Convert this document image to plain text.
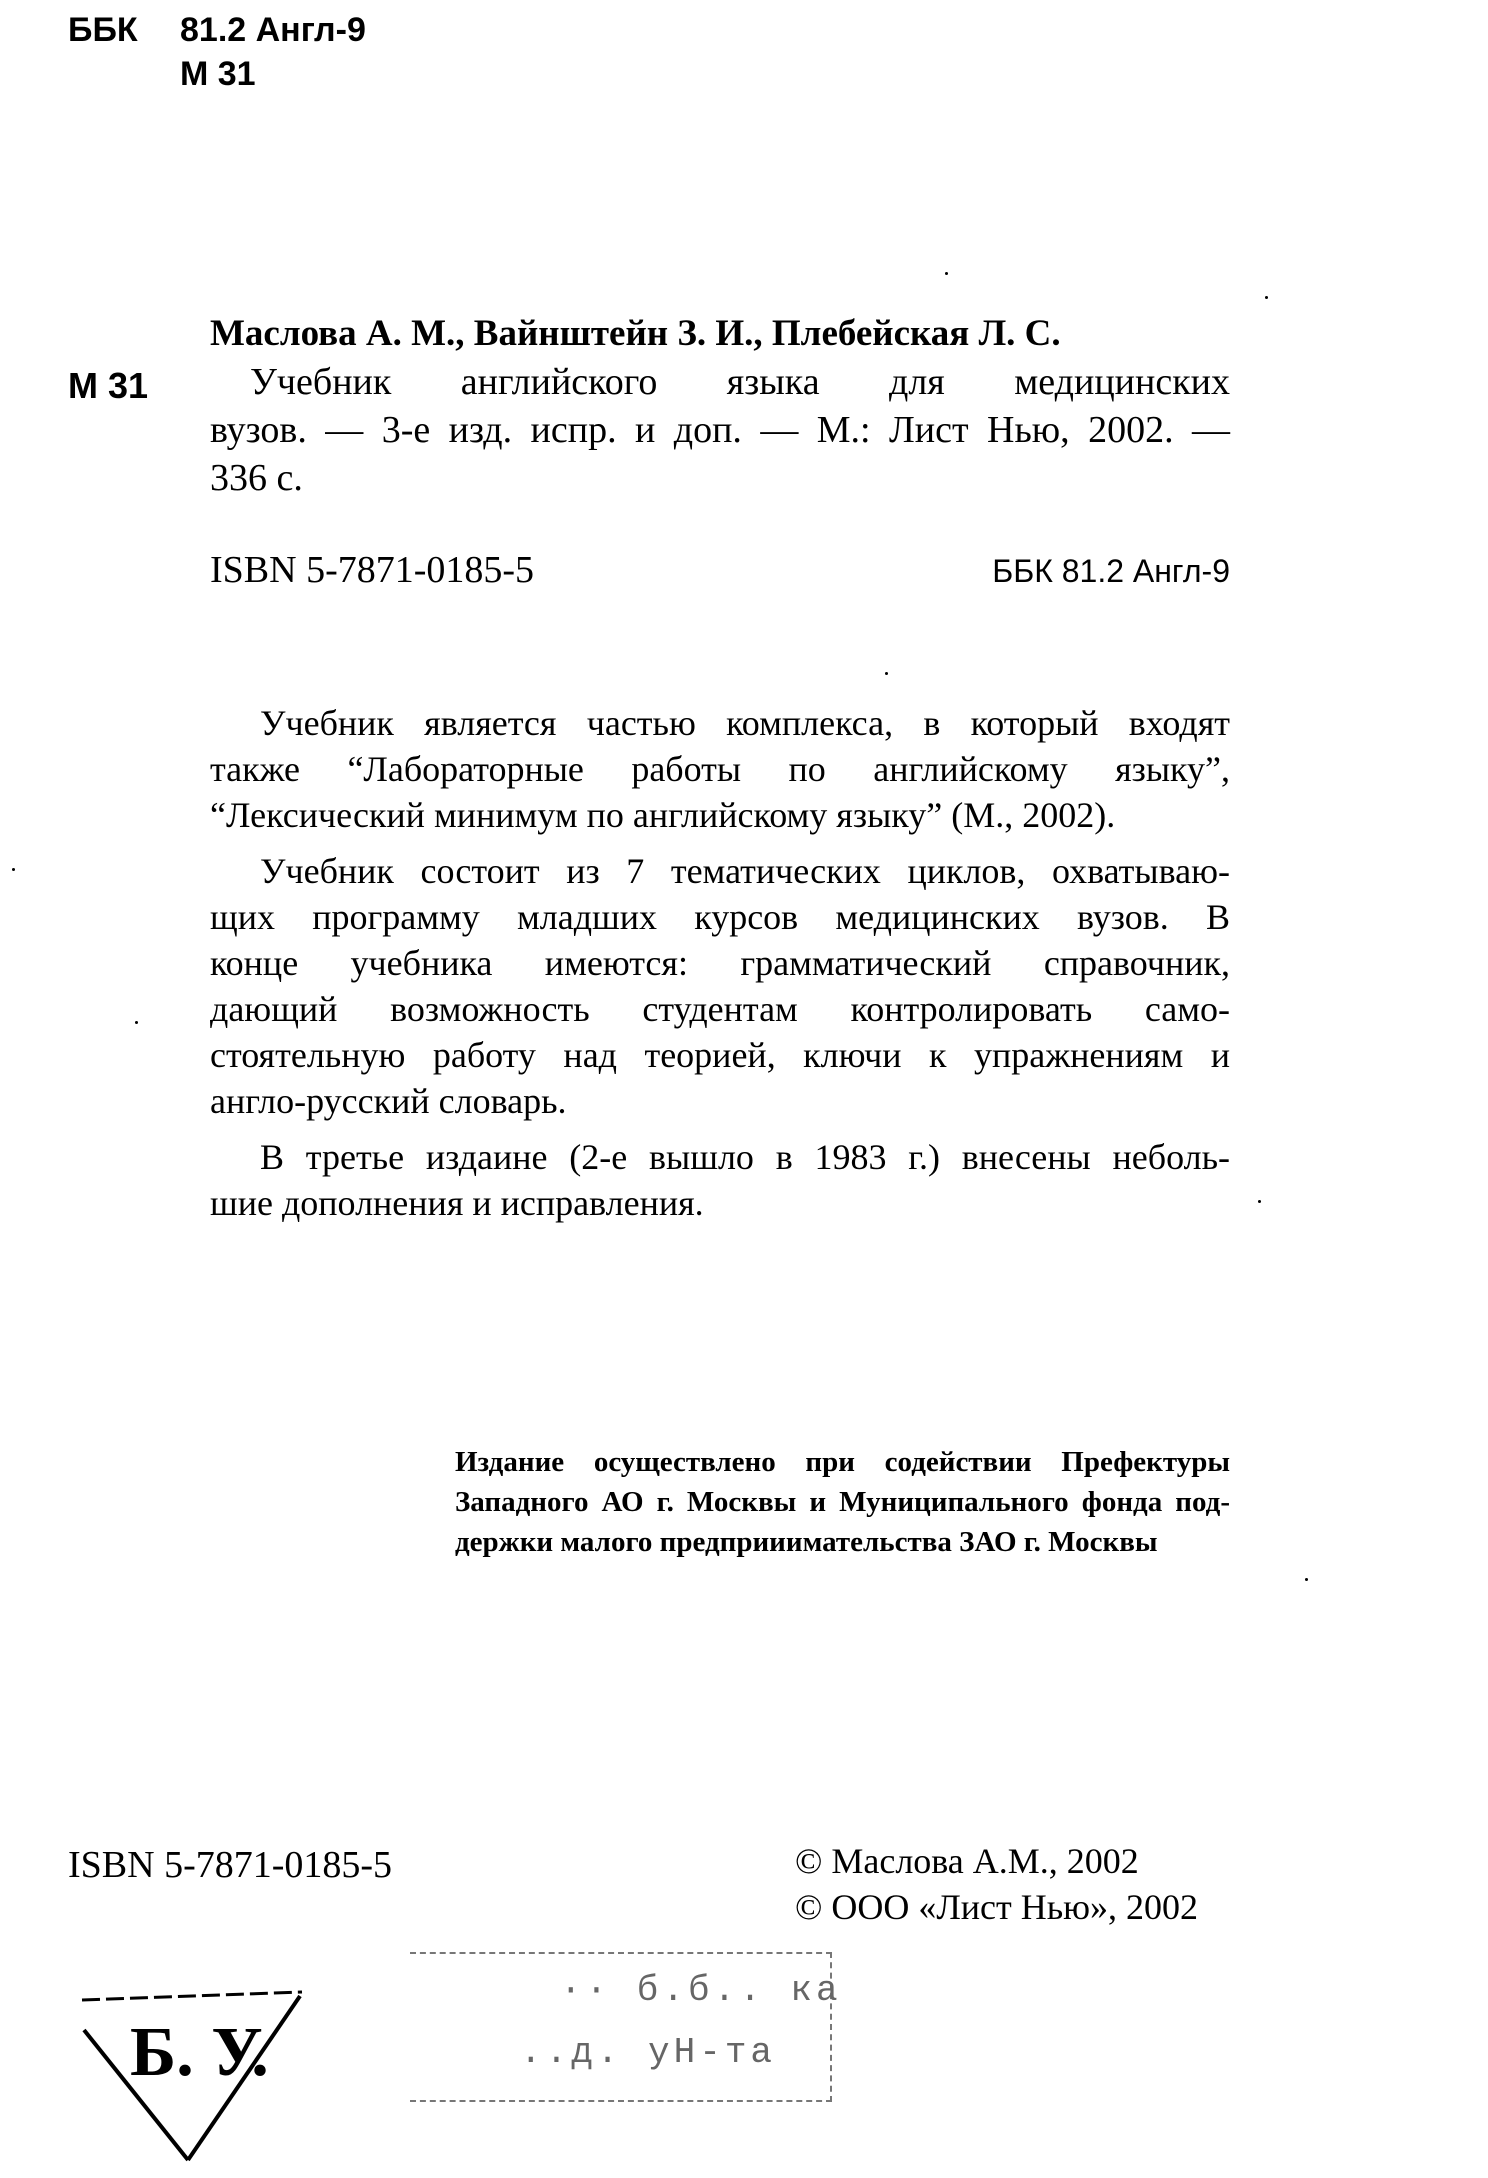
ББК	81.2 Англ-9
М 31
М 31
Маслова А. М., Вайнштейн З. И., Плебейская Л. С.
Учебник английского языка для медицинских
вузов. — 3-е изд. испр. и доп. — М.: Лист Нью, 2002. —
336 с.
ISBN 5-7871-0185-5	ББК 81.2 Англ-9
Учебник является частью комплекса, в который входят
также “Лабораторные работы по английскому языку”,
“Лексический минимум по английскому языку” (М., 2002).
Учебник состоит из 7 тематических циклов, охватываю-
щих программу младших курсов медицинских вузов. В
конце учебника имеются: грамматический справочник,
дающий возможность студентам контролировать само-
стоятельную работу над теорией, ключи к упражнениям и
англо-русский словарь.
В третье издаине (2-е вышло в 1983 г.) внесены неболь-
шие дополнения и исправления.
Издание осуществлено при содействии Префектуры
Западного АО г. Москвы и Муниципального фонда под-
держки малого предприиимательства ЗАО г. Москвы
ISBN 5-7871-0185-5	© Маслова А.М., 2002
© ООО «Лист Нью», 2002
Б. У.
·· б.б.. ка
..д. уН-та
